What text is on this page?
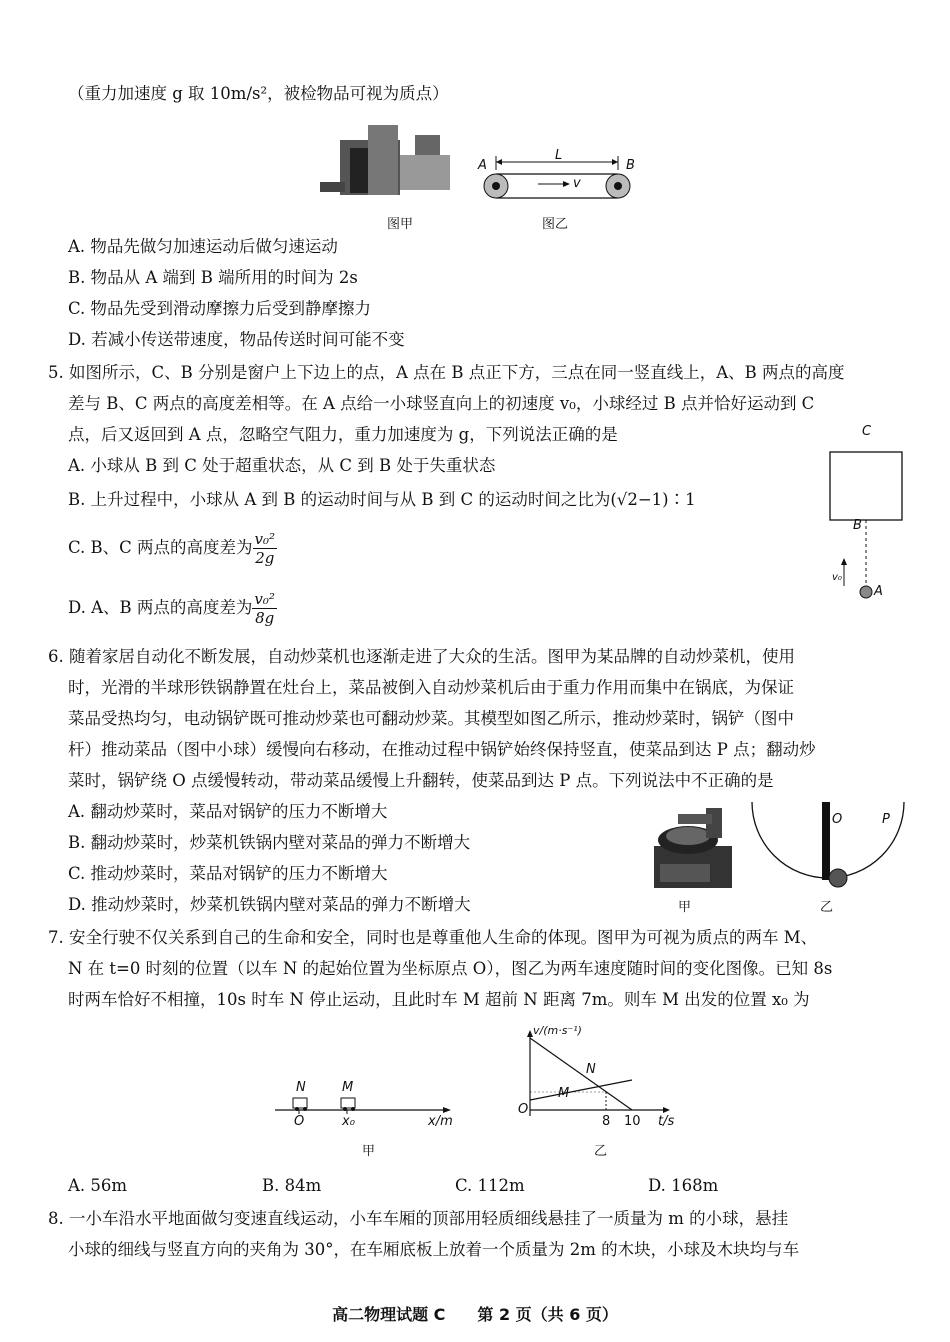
（重力加速度 g 取 10m/s²，被检物品可视为质点）
图甲
A	B
L
v
图乙
A. 物品先做匀加速运动后做匀速运动
B. 物品从 A 端到 B 端所用的时间为 2s
C. 物品先受到滑动摩擦力后受到静摩擦力
D. 若减小传送带速度，物品传送时间可能不变
5. 如图所示，C、B 分别是窗户上下边上的点，A 点在 B 点正下方，三点在同一竖直线上，A、B 两点的高度
差与 B、C 两点的高度差相等。在 A 点给一小球竖直向上的初速度 v₀，小球经过 B 点并恰好运动到 C
点，后又返回到 A 点，忽略空气阻力，重力加速度为 g，下列说法正确的是
A. 小球从 B 到 C 处于超重状态，从 C 到 B 处于失重状态
B. 上升过程中，小球从 A 到 B 的运动时间与从 B 到 C 的运动时间之比为(√2−1)∶1
C. B、C 两点的高度差为 $\frac{\text{v₀²}}{2g}$
D. A、B 两点的高度差为 $\frac{\text{v₀²}}{8g}$
C
B
A
v₀
6. 随着家居自动化不断发展，自动炒菜机也逐渐走进了大众的生活。图甲为某品牌的自动炒菜机，使用
时，光滑的半球形铁锅静置在灶台上，菜品被倒入自动炒菜机后由于重力作用而集中在锅底，为保证
菜品受热均匀，电动锅铲既可推动炒菜也可翻动炒菜。其模型如图乙所示，推动炒菜时，锅铲（图中
杆）推动菜品（图中小球）缓慢向右移动，在推动过程中锅铲始终保持竖直，使菜品到达 P 点；翻动炒
菜时，锅铲绕 O 点缓慢转动，带动菜品缓慢上升翻转，使菜品到达 P 点。下列说法中不正确的是
A. 翻动炒菜时，菜品对锅铲的压力不断增大
B. 翻动炒菜时，炒菜机铁锅内壁对菜品的弹力不断增大
C. 推动炒菜时，菜品对锅铲的压力不断增大
D. 推动炒菜时，炒菜机铁锅内壁对菜品的弹力不断增大	甲
O	P
乙
7. 安全行驶不仅关系到自己的生命和安全，同时也是尊重他人生命的体现。图甲为可视为质点的两车 M、
N 在 t=0 时刻的位置（以车 N 的起始位置为坐标原点 O），图乙为两车速度随时间的变化图像。已知 8s
时两车恰好不相撞，10s 时车 N 停止运动，且此时车 M 超前 N 距离 7m。则车 M 出发的位置 x₀ 为
N	M
O	x₀	x/m
甲
v/(m·s⁻¹)
N
M
O
8 10 t/s
乙
A. 56m	B. 84m	C. 112m	D. 168m
8. 一小车沿水平地面做匀变速直线运动，小车车厢的顶部用轻质细线悬挂了一质量为 m 的小球，悬挂
小球的细线与竖直方向的夹角为 30°，在车厢底板上放着一个质量为 2m 的木块，小球及木块均与车
高二物理试题 C　　第 2 页（共 6 页）
